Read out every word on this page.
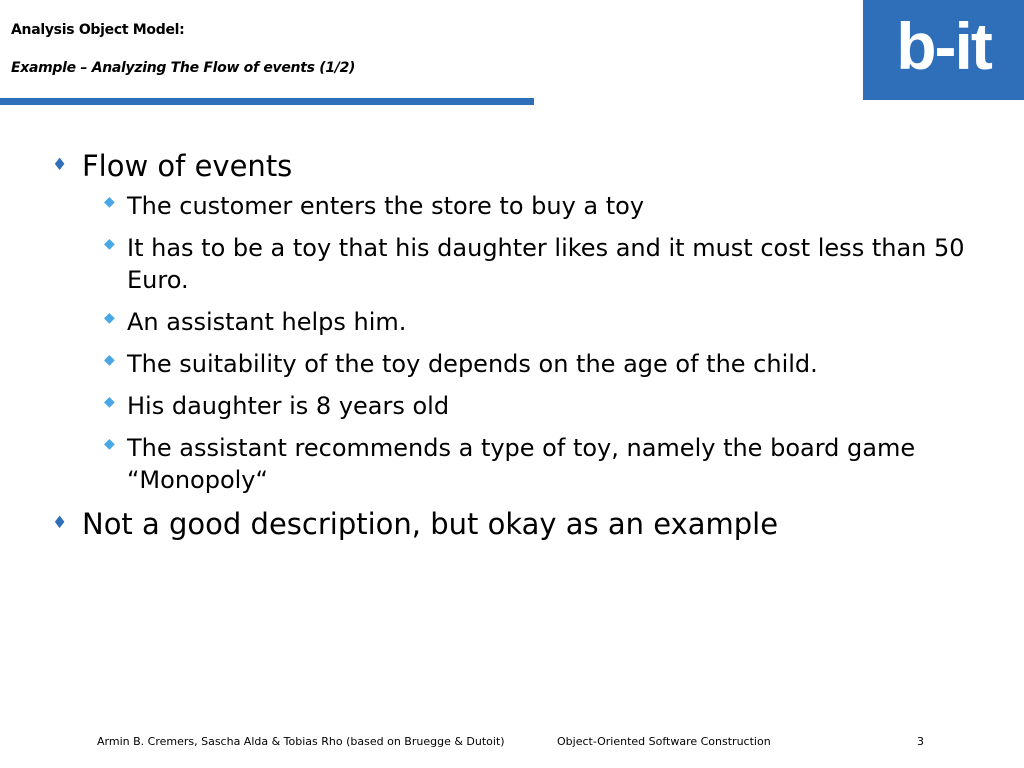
Analysis Object Model:
Example – Analyzing The Flow of events (1/2)	b-it
♦ Flow of events
◆ The customer enters the store to buy a toy
◆ It has to be a toy that his daughter likes and it must cost less than 50 Euro.
◆ An assistant helps him.
◆ The suitability of the toy depends on the age of the child.
◆ His daughter is 8 years old
◆ The assistant recommends a type of toy, namely the board game “Monopoly“
♦ Not a good description, but okay as an example
Armin B. Cremers, Sascha Alda & Tobias Rho (based on Bruegge & Dutoit)	Object-Oriented Software Construction	3
